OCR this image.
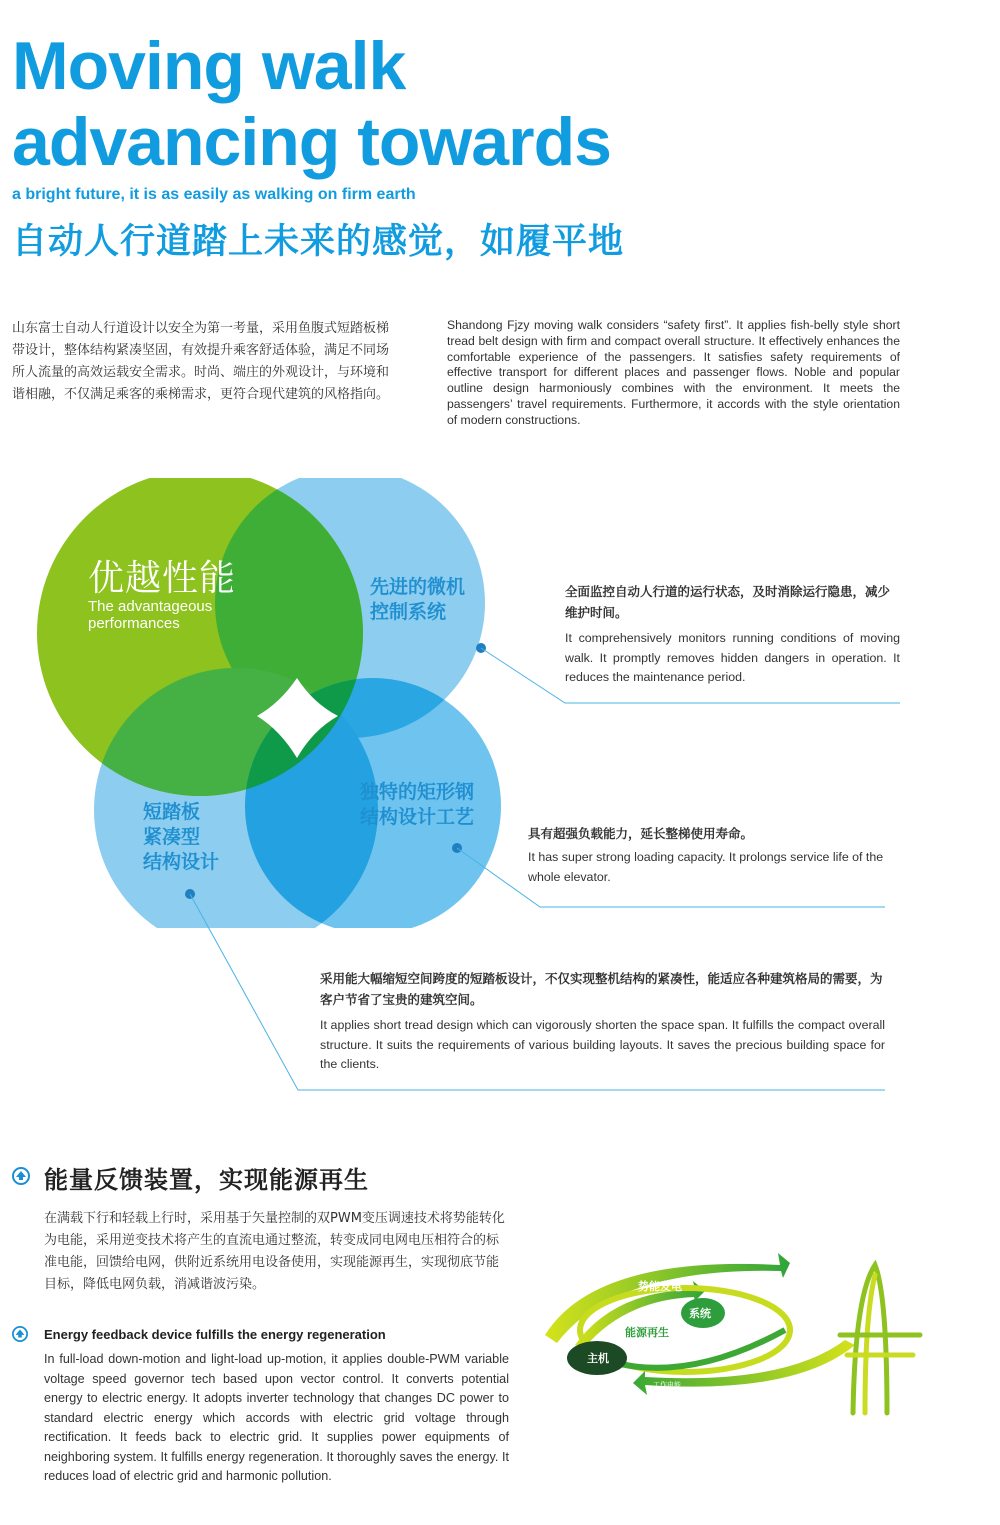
Moving walk
advancing towards
a bright future, it is as easily as walking on firm earth
自动人行道踏上未来的感觉，如履平地
山东富士自动人行道设计以安全为第一考量，采用鱼腹式短踏板梯带设计，整体结构紧凑坚固，有效提升乘客舒适体验，满足不同场所人流量的高效运载安全需求。时尚、端庄的外观设计，与环境和谐相融，不仅满足乘客的乘梯需求，更符合现代建筑的风格指向。
Shandong Fjzy moving walk considers “safety first”. It applies fish-belly style short tread belt design with firm and compact overall structure. It effectively enhances the comfortable experience of the passengers. It satisfies safety requirements of effective transport for different places and passenger flows. Noble and popular outline design harmoniously combines with the environment. It meets the passengers’ travel requirements. Furthermore, it accords with the style orientation of modern constructions.
优越性能
The advantageous performances
先进的微机
控制系统
独特的矩形钢
结构设计工艺
短踏板
紧凑型
结构设计
全面监控自动人行道的运行状态，及时消除运行隐患，减少维护时间。
It comprehensively monitors running conditions of moving walk. It promptly removes hidden dangers in operation. It reduces the maintenance period.
具有超强负载能力，延长整梯使用寿命。
It has super strong loading capacity. It prolongs service life of the whole elevator.
采用能大幅缩短空间跨度的短踏板设计，不仅实现整机结构的紧凑性，能适应各种建筑格局的需要，为客户节省了宝贵的建筑空间。
It applies short tread design which can vigorously shorten the space span. It fulfills the compact overall structure. It suits the requirements of various building layouts. It saves the precious building space for the clients.
能量反馈装置，实现能源再生
在满载下行和轻载上行时，采用基于矢量控制的双PWM变压调速技术将势能转化为电能，采用逆变技术将产生的直流电通过整流，转变成同电网电压相符合的标准电能，回馈给电网，供附近系统用电设备使用，实现能源再生，实现彻底节能目标，降低电网负载，消减谐波污染。
Energy feedback device fulfills the energy regeneration
In full-load down-motion and light-load up-motion, it applies double-PWM variable voltage speed governor tech based upon vector control. It converts potential energy to electric energy. It adopts inverter technology that changes DC power to standard electric energy which accords with electric grid voltage through rectification. It feeds back to electric grid. It supplies power equipments of neighboring system. It fulfills energy regeneration. It thoroughly saves the energy. It reduces load of electric grid and harmonic pollution.
回馈电网
势能发电
系统
能源再生
主机
工作电能
